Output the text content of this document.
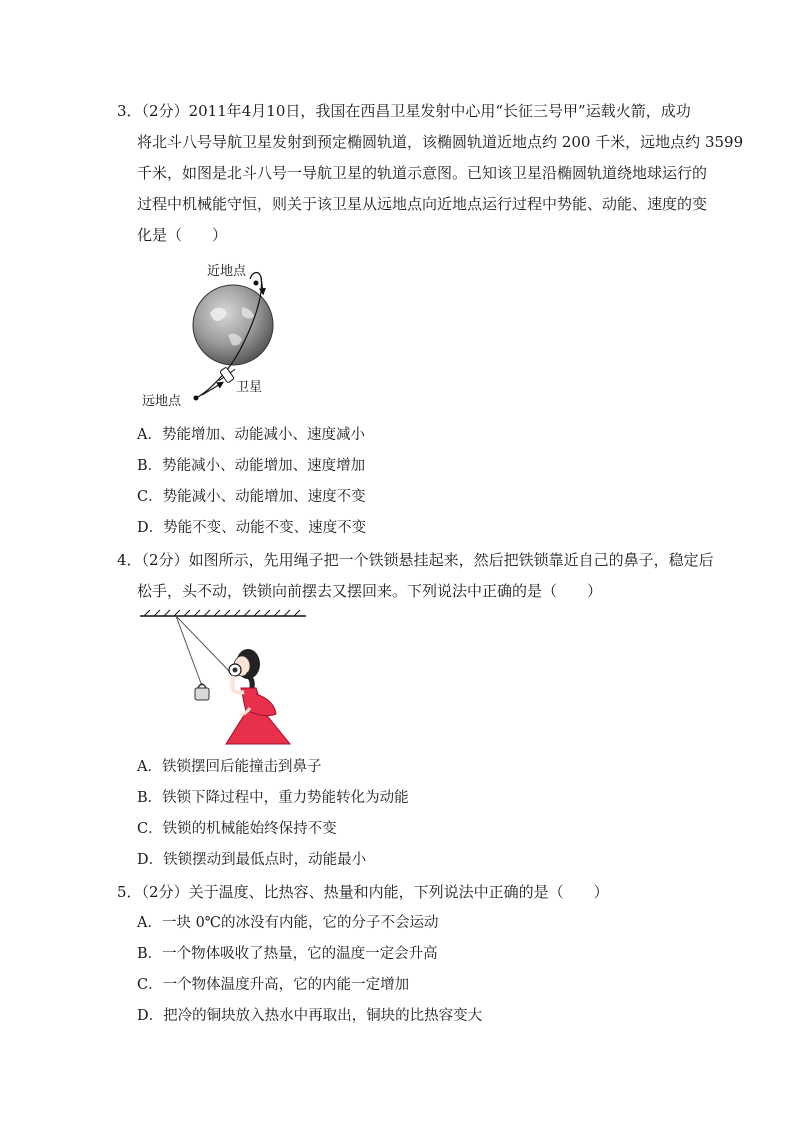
3．（2分）2011年4月10日，我国在西昌卫星发射中心用“长征三号甲”运载火箭，成功
将北斗八号导航卫星发射到预定椭圆轨道，该椭圆轨道近地点约 200 千米，远地点约 3599
千米，如图是北斗八号一导航卫星的轨道示意图。已知该卫星沿椭圆轨道绕地球运行的
过程中机械能守恒，则关于该卫星从远地点向近地点运行过程中势能、动能、速度的变
化是（　　）
近地点
卫星
远地点
A．势能增加、动能减小、速度减小
B．势能减小、动能增加、速度增加
C．势能减小、动能增加、速度不变
D．势能不变、动能不变、速度不变
4．（2分）如图所示，先用绳子把一个铁锁悬挂起来，然后把铁锁靠近自己的鼻子，稳定后
松手，头不动，铁锁向前摆去又摆回来。下列说法中正确的是（　　）
A．铁锁摆回后能撞击到鼻子
B．铁锁下降过程中，重力势能转化为动能
C．铁锁的机械能始终保持不变
D．铁锁摆动到最低点时，动能最小
5．（2分）关于温度、比热容、热量和内能，下列说法中正确的是（　　）
A．一块 0℃的冰没有内能，它的分子不会运动
B．一个物体吸收了热量，它的温度一定会升高
C．一个物体温度升高，它的内能一定增加
D．把冷的铜块放入热水中再取出，铜块的比热容变大
